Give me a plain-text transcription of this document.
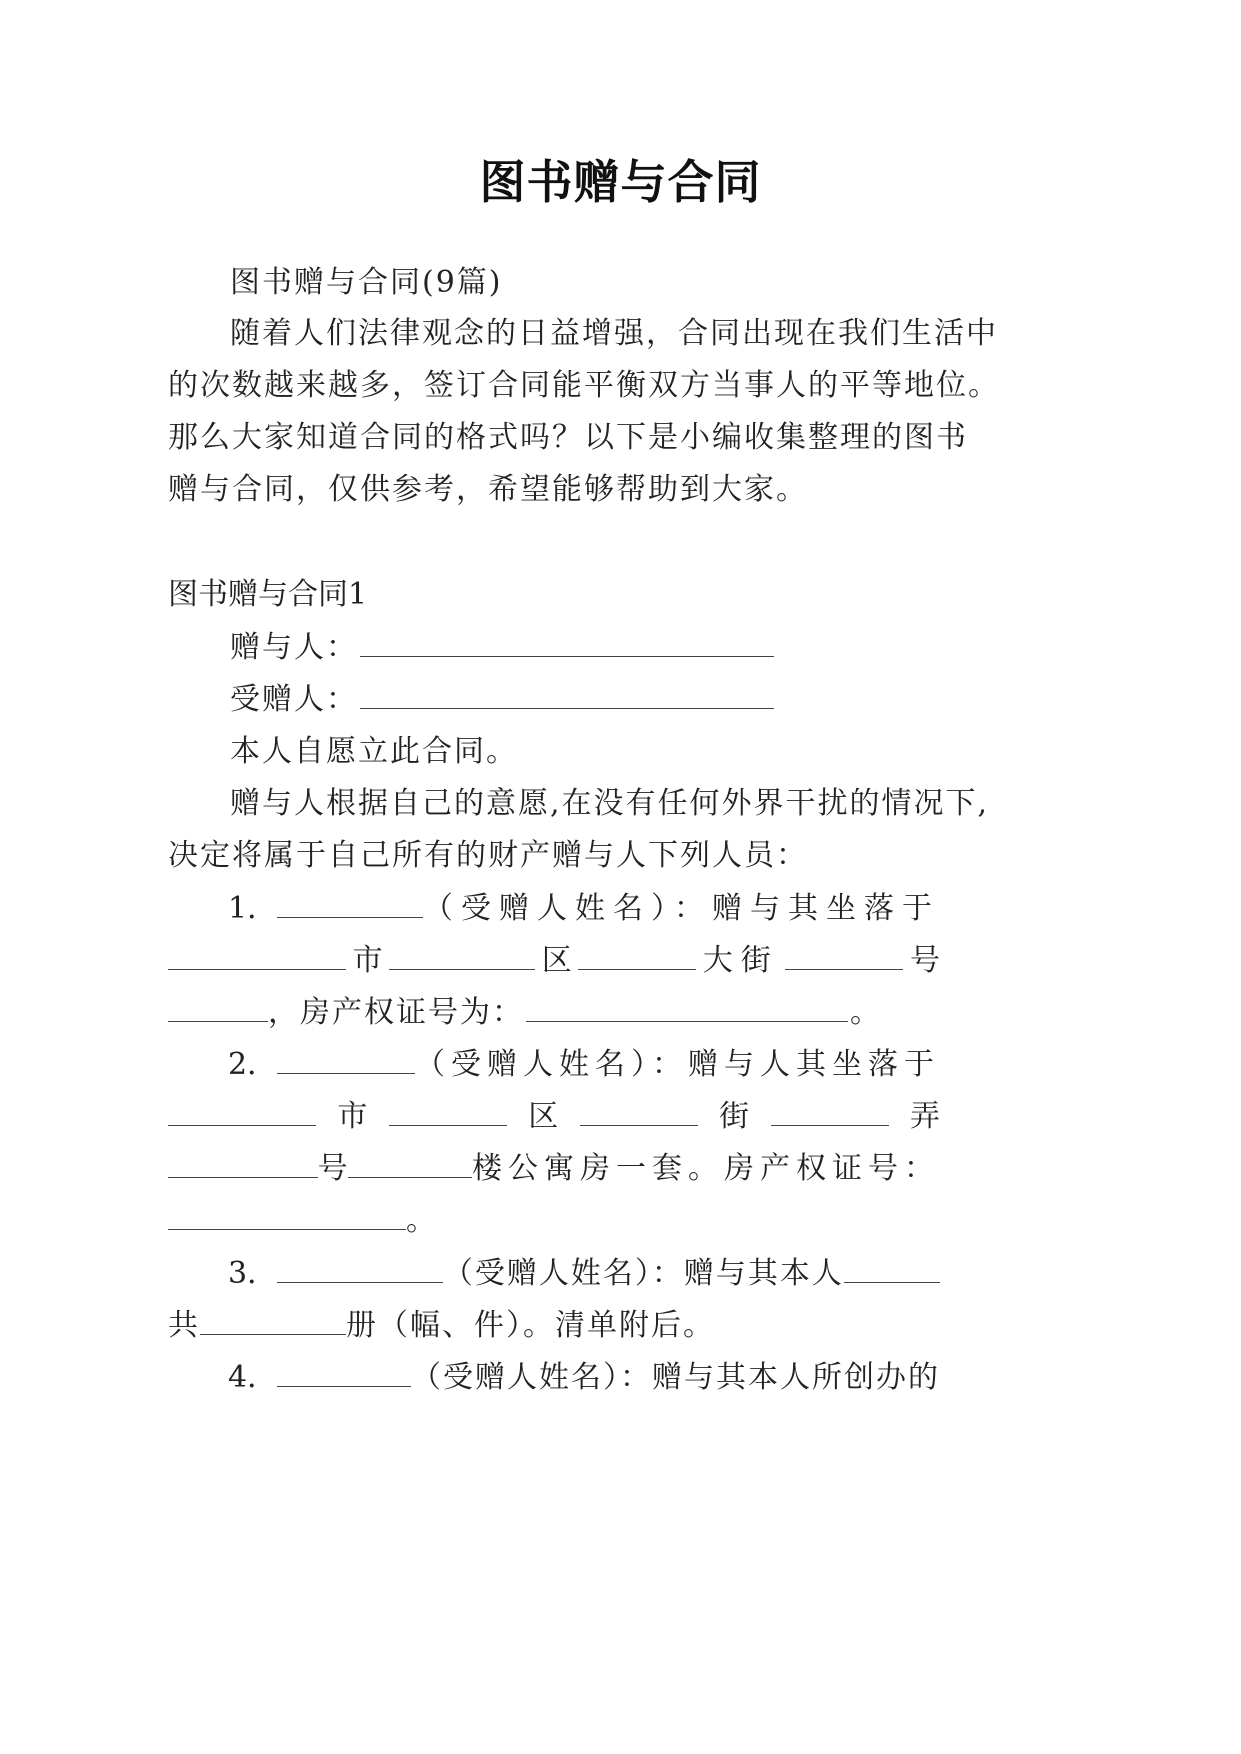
图书赠与合同
图书赠与合同(9篇)
随着人们法律观念的日益增强，合同出现在我们生活中
的次数越来越多，签订合同能平衡双方当事人的平等地位。
那么大家知道合同的格式吗？以下是小编收集整理的图书
赠与合同，仅供参考，希望能够帮助到大家。
图书赠与合同1
赠与人：
受赠人：
本人自愿立此合同。
赠与人根据自己的意愿,在没有任何外界干扰的情况下,
决定将属于自己所有的财产赠与人下列人员：
1．	（受赠人姓名）：赠与其坐落于
市	区	大街	号
，房产权证号为：	。
2．	（受赠人姓名）：赠与人其坐落于
市	区	街	弄
号	楼公寓房一套。房产权证号：
。
3．	（受赠人姓名）：赠与其本人
共	册（幅、件）。清单附后。
4．	（受赠人姓名）：赠与其本人所创办的
